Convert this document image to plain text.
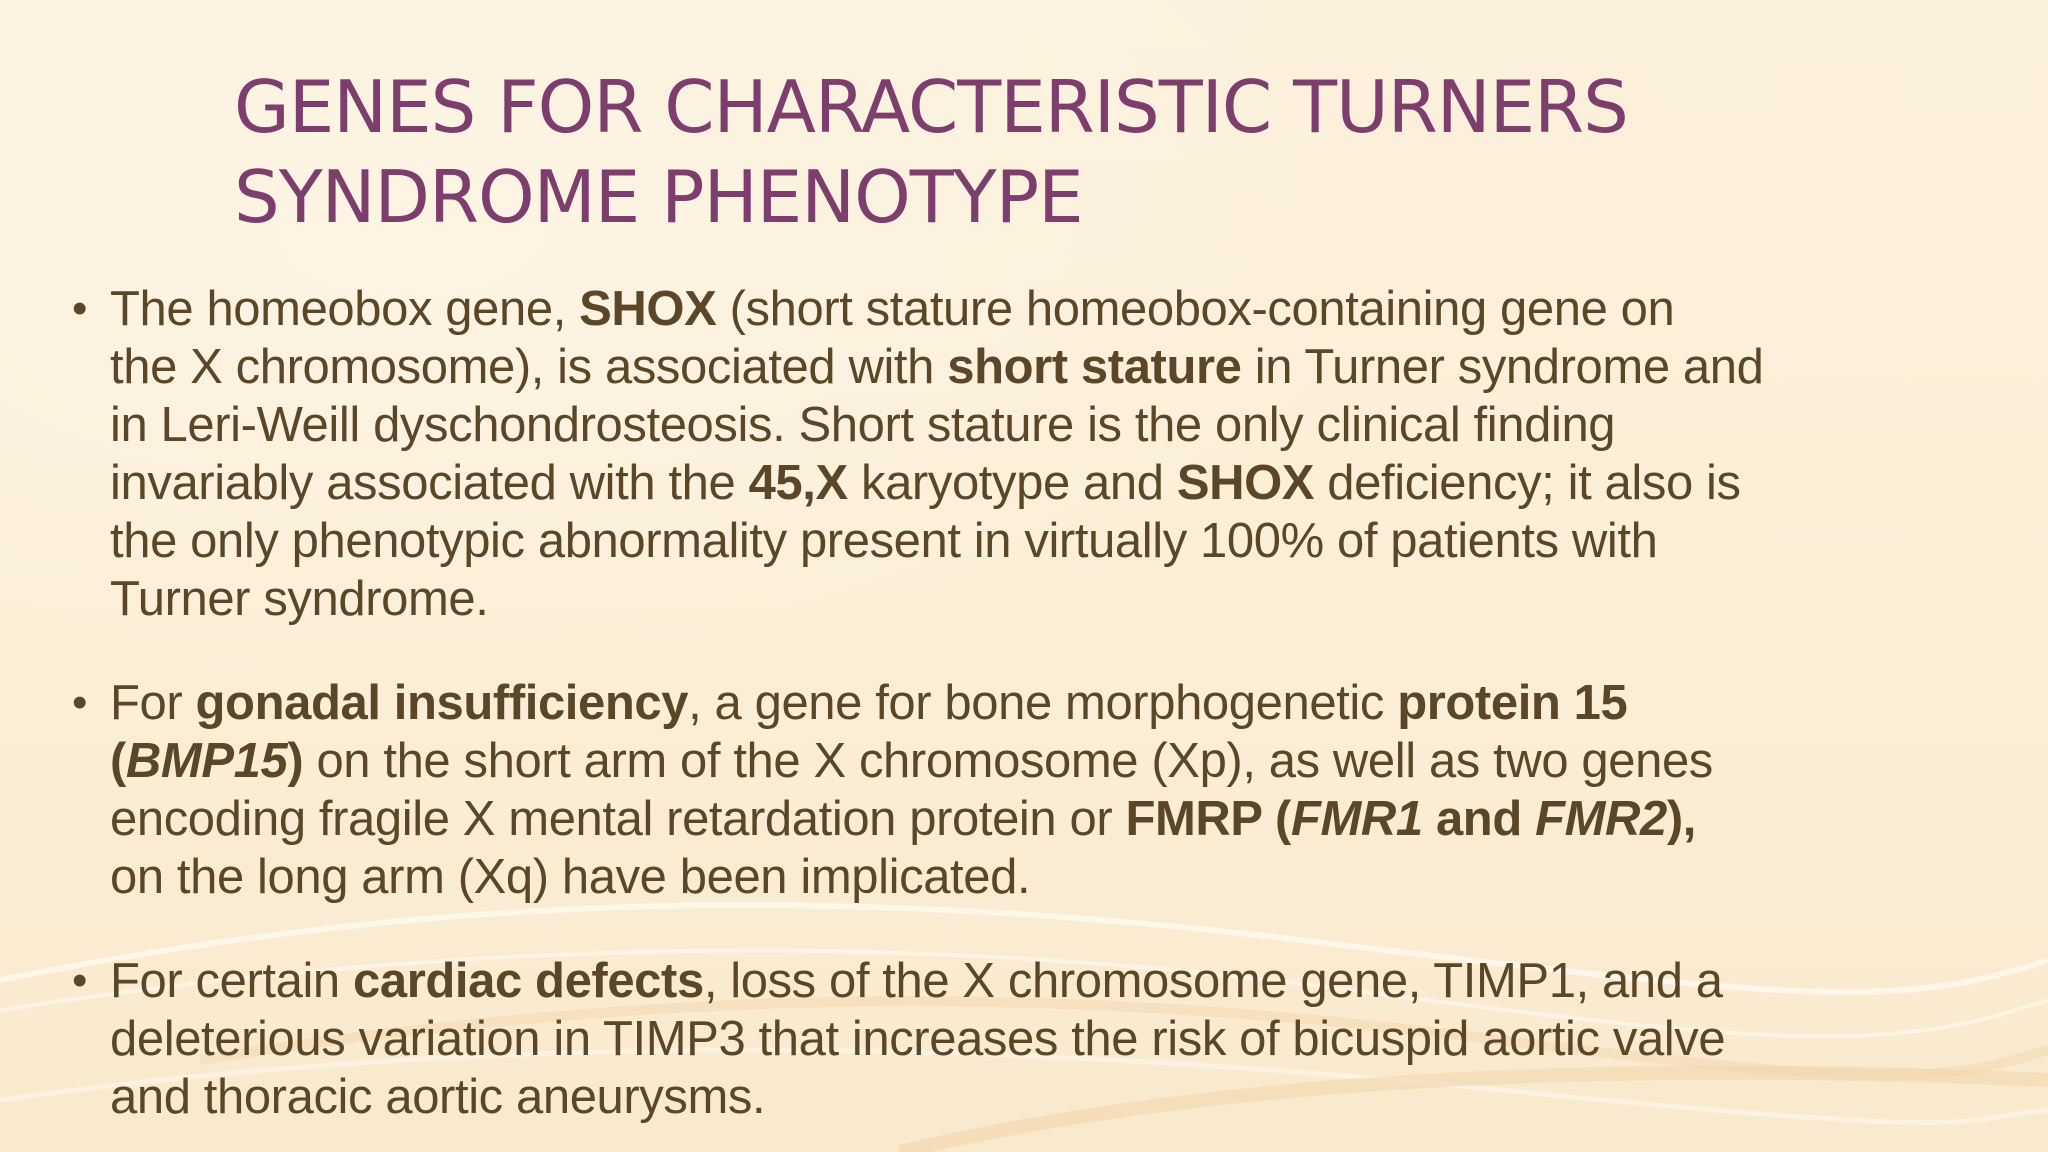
GENES FOR CHARACTERISTIC TURNERS
SYNDROME PHENOTYPE
• The homeobox gene, SHOX (short stature homeobox-containing gene on
the X chromosome), is associated with short stature in Turner syndrome and
in Leri-Weill dyschondrosteosis. Short stature is the only clinical finding
invariably associated with the 45,X karyotype and SHOX deficiency; it also is
the only phenotypic abnormality present in virtually 100% of patients with
Turner syndrome.
• For gonadal insufficiency, a gene for bone morphogenetic protein 15
(BMP15) on the short arm of the X chromosome (Xp), as well as two genes
encoding fragile X mental retardation protein or FMRP (FMR1 and FMR2),
on the long arm (Xq) have been implicated.
• For certain cardiac defects, loss of the X chromosome gene, TIMP1, and a
deleterious variation in TIMP3 that increases the risk of bicuspid aortic valve
and thoracic aortic aneurysms.
